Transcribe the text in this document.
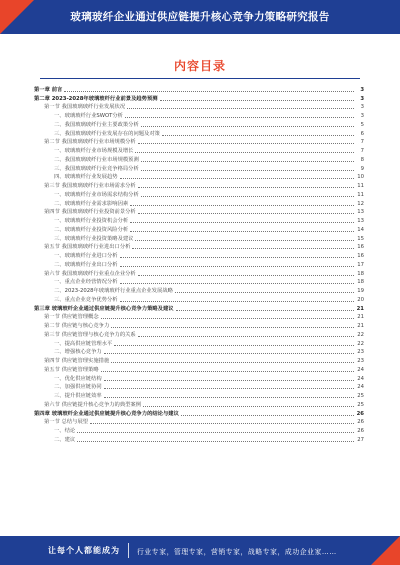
玻璃玻纤企业通过供应链提升核心竞争力策略研究报告
内容目录
第一章 前言	3
第二章 2023-2028年玻璃玻纤行业前景及趋势预测	3
第一节 我国玻璃玻纤行业发展状况	3
一、玻璃玻纤行业SWOT分析	3
二、我国玻璃玻纤行业主要政策分析	5
三、我国玻璃玻纤行业发展存在的问题及对策	6
第二节 我国玻璃玻纤行业市场规模分析	7
一、玻璃玻纤行业市场规模及增长	7
二、我国玻璃玻纤行业市场规模预测	8
三、我国玻璃玻纤行业竞争格局分析	9
四、玻璃玻纤行业发展趋势	10
第三节 我国玻璃玻纤行业市场需求分析	11
一、玻璃玻纤行业市场需求结构分析	11
二、玻璃玻纤行业需求影响因素	12
第四节 我国玻璃玻纤行业投资前景分析	13
一、玻璃玻纤行业投资机会分析	13
二、玻璃玻纤行业投资风险分析	14
三、玻璃玻纤行业投资策略及建议	15
第五节 我国玻璃玻纤行业进出口分析	16
一、玻璃玻纤行业进口分析	16
二、玻璃玻纤行业出口分析	17
第六节 我国玻璃玻纤行业重点企业分析	18
一、重点企业经营情况分析	18
二、2023-2028年玻璃玻纤行业重点企业发展战略	19
三、重点企业竞争优势分析	20
第三章 玻璃玻纤企业通过供应链提升核心竞争力策略及建议	21
第一节 供应链管理概念	21
第二节 供应链与核心竞争力	21
第三节 供应链管理与核心竞争力的关系	22
一、提高供应链管理水平	22
二、增强核心竞争力	23
第四节 供应链管理实施措施	23
第五节 供应链管理策略	24
一、优化供应链结构	24
二、加强供应链协同	24
三、提升供应链效率	25
第六节 供应链提升核心竞争力的典型案例	25
第四章 玻璃玻纤企业通过供应链提升核心竞争力的结论与建议	26
第一节 总结与展望	26
一、结论	26
二、建议	27
让每个人都能成为	行业专家，管理专家，营销专家，战略专家，成功企业家……
